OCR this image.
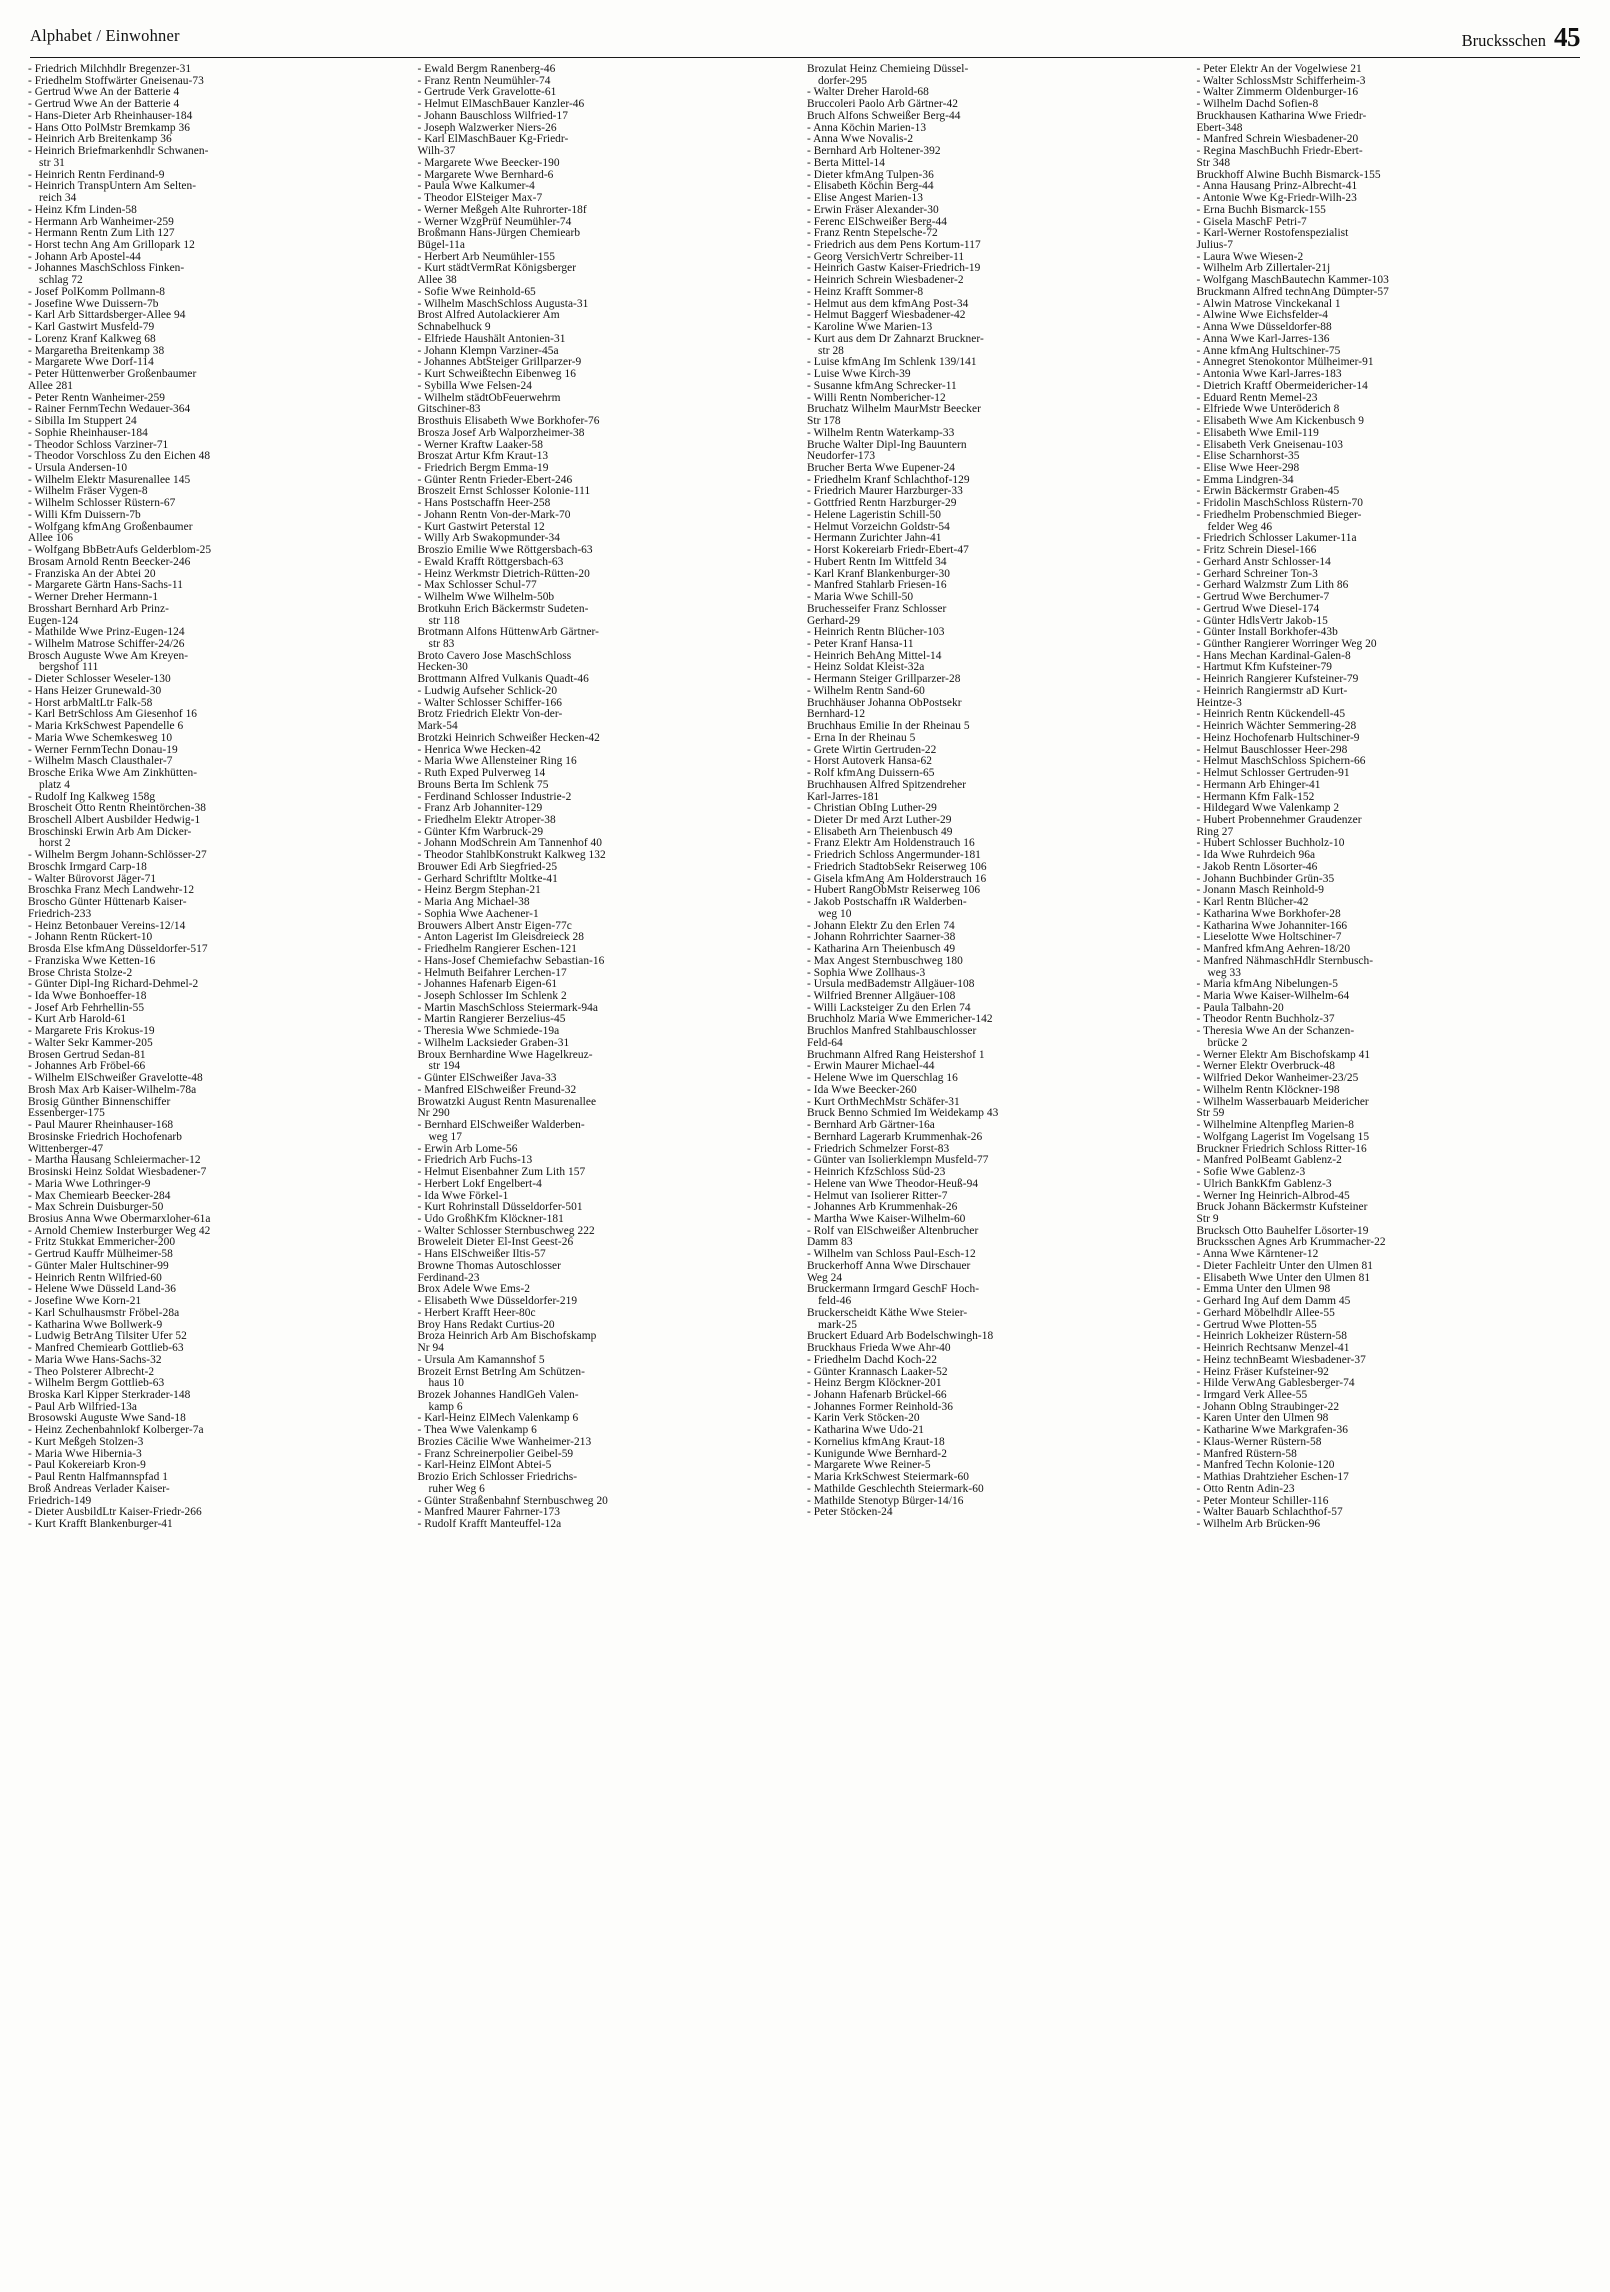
Alphabet / Einwohner	Brucksschen 45
- Friedrich Milchhdlr Bregenzer-31
- Friedhelm Stoffwärter Gneisenau-73
- Gertrud Wwe An der Batterie 4
- Gertrud Wwe An der Batterie 4
- Hans-Dieter Arb Rheinhauser-184
- Hans Otto PolMstr Bremkamp 36
- Heinrich Arb Breitenkamp 36
- Heinrich Briefmarkenhdlr Schwanen-
str 31
- Heinrich Rentn Ferdinand-9
- Heinrich TranspUntern Am Selten-
reich 34
- Heinz Kfm Linden-58
- Hermann Arb Wanheimer-259
- Hermann Rentn Zum Lith 127
- Horst techn Ang Am Grillopark 12
- Johann Arb Apostel-44
- Johannes MaschSchloss Finken-
schlag 72
- Josef PolKomm Pollmann-8
- Josefine Wwe Duissern-7b
- Karl Arb Sittardsberger-Allee 94
- Karl Gastwirt Musfeld-79
- Lorenz Kranf Kalkweg 68
- Margaretha Breitenkamp 38
- Margarete Wwe Dorf-114
- Peter Hüttenwerber Großenbaumer
Allee 281
- Peter Rentn Wanheimer-259
- Rainer FernmTechn Wedauer-364
- Sibilla Im Stuppert 24
- Sophie Rheinhauser-184
- Theodor Schloss Varziner-71
- Theodor Vorschloss Zu den Eichen 48
- Ursula Andersen-10
- Wilhelm Elektr Masurenallee 145
- Wilhelm Fräser Vygen-8
- Wilhelm Schlosser Rüstern-67
- Willi Kfm Duissern-7b
- Wolfgang kfmAng Großenbaumer
Allee 106
- Wolfgang BbBetrAufs Gelderblom-25
Brosam Arnold Rentn Beecker-246
- Franziska An der Abtei 20
- Margarete Gärtn Hans-Sachs-11
- Werner Dreher Hermann-1
Brosshart Bernhard Arb Prinz-
Eugen-124
- Mathilde Wwe Prinz-Eugen-124
- Wilhelm Matrose Schiffer-24/26
Brosch Auguste Wwe Am Kreyen-
bergshof 111
- Dieter Schlosser Weseler-130
- Hans Heizer Grunewald-30
- Horst arbMaltLtr Falk-58
- Karl BetrSchloss Am Giesenhof 16
- Maria KrkSchwest Papendelle 6
- Maria Wwe Schemkesweg 10
- Werner FernmTechn Donau-19
- Wilhelm Masch Clausthaler-7
Brosche Erika Wwe Am Zinkhütten-
platz 4
- Rudolf Ing Kalkweg 158g
Broscheit Otto Rentn Rheintörchen-38
Broschell Albert Ausbilder Hedwig-1
Broschinski Erwin Arb Am Dicker-
horst 2
- Wilhelm Bergm Johann-Schlösser-27
Broschk Irmgard Carp-18
- Walter Bürovorst Jäger-71
Broschka Franz Mech Landwehr-12
Broscho Günter Hüttenarb Kaiser-
Friedrich-233
- Heinz Betonbauer Vereins-12/14
- Johann Rentn Rückert-10
Brosda Else kfmAng Düsseldorfer-517
- Franziska Wwe Ketten-16
Brose Christa Stolze-2
- Günter Dipl-Ing Richard-Dehmel-2
- Ida Wwe Bonhoeffer-18
- Josef Arb Fehrhellin-55
- Kurt Arb Harold-61
- Margarete Fris Krokus-19
- Walter Sekr Kammer-205
Brosen Gertrud Sedan-81
- Johannes Arb Fröbel-66
- Wilhelm ElSchweißer Gravelotte-48
Brosh Max Arb Kaiser-Wilhelm-78a
Brosig Günther Binnenschiffer
Essenberger-175
- Paul Maurer Rheinhauser-168
Brosinske Friedrich Hochofenarb
Wittenberger-47
- Martha Hausang Schleiermacher-12
Brosinski Heinz Soldat Wiesbadener-7
- Maria Wwe Lothringer-9
- Max Chemiearb Beecker-284
- Max Schrein Duisburger-50
Brosius Anna Wwe Obermarxloher-61a
- Arnold Chemiew Insterburger Weg 42
- Fritz Stukkat Emmericher-200
- Gertrud Kauffr Mülheimer-58
- Günter Maler Hultschiner-99
- Heinrich Rentn Wilfried-60
- Helene Wwe Düsseld Land-36
- Josefine Wwe Korn-21
- Karl Schulhausmstr Fröbel-28a
- Katharina Wwe Bollwerk-9
- Ludwig BetrAng Tilsiter Ufer 52
- Manfred Chemiearb Gottlieb-63
- Maria Wwe Hans-Sachs-32
- Theo Polsterer Albrecht-2
- Wilhelm Bergm Gottlieb-63
Broska Karl Kipper Sterkrader-148
- Paul Arb Wilfried-13a
Brosowski Auguste Wwe Sand-18
- Heinz Zechenbahnlokf Kolberger-7a
- Kurt Meßgeh Stolzen-3
- Maria Wwe Hibernia-3
- Paul Kokereiarb Kron-9
- Paul Rentn Halfmannspfad 1
Broß Andreas Verlader Kaiser-
Friedrich-149
- Dieter AusbildLtr Kaiser-Friedr-266
- Kurt Krafft Blankenburger-41
- Ewald Bergm Ranenberg-46
- Franz Rentn Neumühler-74
- Gertrude Verk Gravelotte-61
- Helmut ElMaschBauer Kanzler-46
- Johann Bauschloss Wilfried-17
- Joseph Walzwerker Niers-26
- Karl ElMaschBauer Kg-Friedr-
Wilh-37
- Margarete Wwe Beecker-190
- Margarete Wwe Bernhard-6
- Paula Wwe Kalkumer-4
- Theodor ElSteiger Max-7
- Werner Meßgeh Alte Ruhrorter-18f
- Werner WzgPrüf Neumühler-74
Broßmann Hans-Jürgen Chemiearb
Bügel-11a
- Herbert Arb Neumühler-155
- Kurt städtVermRat Königsberger
Allee 38
- Sofie Wwe Reinhold-65
- Wilhelm MaschSchloss Augusta-31
Brost Alfred Autolackierer Am
Schnabelhuck 9
- Elfriede Haushält Antonien-31
- Johann Klempn Varziner-45a
- Johannes AbtSteiger Grillparzer-9
- Kurt Schweißtechn Eibenweg 16
- Sybilla Wwe Felsen-24
- Wilhelm städtObFeuerwehrm
Gitschiner-83
Brosthuis Elisabeth Wwe Borkhofer-76
Brosza Josef Arb Walporzheimer-38
- Werner Kraftw Laaker-58
Broszat Artur Kfm Kraut-13
- Friedrich Bergm Emma-19
- Günter Rentn Frieder-Ebert-246
Broszeit Ernst Schlosser Kolonie-111
- Hans Postschaffn Heer-258
- Johann Rentn Von-der-Mark-70
- Kurt Gastwirt Peterstal 12
- Willy Arb Swakopmunder-34
Broszio Emilie Wwe Röttgersbach-63
- Ewald Krafft Röttgersbach-63
- Heinz Werkmstr Dietrich-Rütten-20
- Max Schlosser Schul-77
- Wilhelm Wwe Wilhelm-50b
Brotkuhn Erich Bäckermstr Sudeten-
str 118
Brotmann Alfons HüttenwArb Gärtner-
str 83
Broto Cavero Jose MaschSchloss
Hecken-30
Brottmann Alfred Vulkanis Quadt-46
- Ludwig Aufseher Schlick-20
- Walter Schlosser Schiffer-166
Brotz Friedrich Elektr Von-der-
Mark-54
Brotzki Heinrich Schweißer Hecken-42
- Henrica Wwe Hecken-42
- Maria Wwe Allensteiner Ring 16
- Ruth Exped Pulverweg 14
Brouns Berta Im Schlenk 75
- Ferdinand Schlosser Industrie-2
- Franz Arb Johanniter-129
- Friedhelm Elektr Atroper-38
- Günter Kfm Warbruck-29
- Johann ModSchrein Am Tannenhof 40
- Theodor StahlbKonstrukt Kalkweg 132
Brouwer Edi Arb Siegfried-25
- Gerhard Schriftltr Moltke-41
- Heinz Bergm Stephan-21
- Maria Ang Michael-38
- Sophia Wwe Aachener-1
Brouwers Albert Anstr Eigen-77c
- Anton Lagerist Im Gleisdreieck 28
- Friedhelm Rangierer Eschen-121
- Hans-Josef Chemiefachw Sebastian-16
- Helmuth Beifahrer Lerchen-17
- Johannes Hafenarb Eigen-61
- Joseph Schlosser Im Schlenk 2
- Martin MaschSchloss Steiermark-94a
- Martin Rangierer Berzelius-45
- Theresia Wwe Schmiede-19a
- Wilhelm Lacksieder Graben-31
Broux Bernhardine Wwe Hagelkreuz-
str 194
- Günter ElSchweißer Java-33
- Manfred ElSchweißer Freund-32
Browatzki August Rentn Masurenallee
Nr 290
- Bernhard ElSchweißer Walderben-
weg 17
- Erwin Arb Lome-56
- Friedrich Arb Fuchs-13
- Helmut Eisenbahner Zum Lith 157
- Herbert Lokf Engelbert-4
- Ida Wwe Förkel-1
- Kurt Rohrinstall Düsseldorfer-501
- Udo GroßhKfm Klöckner-181
- Walter Schlosser Sternbuschweg 222
Broweleit Dieter El-Inst Geest-26
- Hans ElSchweißer Iltis-57
Browne Thomas Autoschlosser
Ferdinand-23
Brox Adele Wwe Ems-2
- Elisabeth Wwe Düsseldorfer-219
- Herbert Krafft Heer-80c
Broy Hans Redakt Curtius-20
Broza Heinrich Arb Am Bischofskamp
Nr 94
- Ursula Am Kamannshof 5
Brozeit Ernst BetrIng Am Schützen-
haus 10
Brozek Johannes HandlGeh Valen-
kamp 6
- Karl-Heinz ElMech Valenkamp 6
- Thea Wwe Valenkamp 6
Brozies Cäcilie Wwe Wanheimer-213
- Franz Schreinerpolier Geibel-59
- Karl-Heinz ElMont Abtei-5
Brozio Erich Schlosser Friedrichs-
ruher Weg 6
- Günter Straßenbahnf Sternbuschweg 20
- Manfred Maurer Fahrner-173
- Rudolf Krafft Manteuffel-12a
Brozulat Heinz Chemieing Düssel-
dorfer-295
- Walter Dreher Harold-68
Bruccoleri Paolo Arb Gärtner-42
Bruch Alfons Schweißer Berg-44
- Anna Köchin Marien-13
- Anna Wwe Novalis-2
- Bernhard Arb Holtener-392
- Berta Mittel-14
- Dieter kfmAng Tulpen-36
- Elisabeth Köchin Berg-44
- Elise Angest Marien-13
- Erwin Fräser Alexander-30
- Ferenc ElSchweißer Berg-44
- Franz Rentn Stepelsche-72
- Friedrich aus dem Pens Kortum-117
- Georg VersichVertr Schreiber-11
- Heinrich Gastw Kaiser-Friedrich-19
- Heinrich Schrein Wiesbadener-2
- Heinz Krafft Sommer-8
- Helmut aus dem kfmAng Post-34
- Helmut Baggerf Wiesbadener-42
- Karoline Wwe Marien-13
- Kurt aus dem Dr Zahnarzt Bruckner-
str 28
- Luise kfmAng Im Schlenk 139/141
- Luise Wwe Kirch-39
- Susanne kfmAng Schrecker-11
- Willi Rentn Nombericher-12
Bruchatz Wilhelm MaurMstr Beecker
Str 178
- Wilhelm Rentn Waterkamp-33
Bruche Walter Dipl-Ing Bauuntern
Neudorfer-173
Brucher Berta Wwe Eupener-24
- Friedhelm Kranf Schlachthof-129
- Friedrich Maurer Harzburger-33
- Gottfried Rentn Harzburger-29
- Helene Lageristin Schill-50
- Helmut Vorzeichn Goldstr-54
- Hermann Zurichter Jahn-41
- Horst Kokereiarb Friedr-Ebert-47
- Hubert Rentn Im Wittfeld 34
- Karl Kranf Blankenburger-30
- Manfred Stahlarb Friesen-16
- Maria Wwe Schill-50
Bruchesseifer Franz Schlosser
Gerhard-29
- Heinrich Rentn Blücher-103
- Peter Kranf Hansa-11
- Heinrich BehAng Mittel-14
- Heinz Soldat Kleist-32a
- Hermann Steiger Grillparzer-28
- Wilhelm Rentn Sand-60
Bruchhäuser Johanna ObPostsekr
Bernhard-12
Bruchhaus Emilie In der Rheinau 5
- Erna In der Rheinau 5
- Grete Wirtin Gertruden-22
- Horst Autoverk Hansa-62
- Rolf kfmAng Duissern-65
Bruchhausen Alfred Spitzendreher
Karl-Jarres-181
- Christian ObIng Luther-29
- Dieter Dr med Arzt Luther-29
- Elisabeth Arn Theienbusch 49
- Franz Elektr Am Holdenstrauch 16
- Friedrich Schloss Angermunder-181
- Friedrich StadtobSekr Reiserweg 106
- Gisela kfmAng Am Holderstrauch 16
- Hubert RangObMstr Reiserweg 106
- Jakob Postschaffn ıR Walderben-
weg 10
- Johann Elektr Zu den Erlen 74
- Johann Rohrrichter Saarner-38
- Katharina Arn Theienbusch 49
- Max Angest Sternbuschweg 180
- Sophia Wwe Zollhaus-3
- Ursula medBademstr Allgäuer-108
- Wilfried Brenner Allgäuer-108
- Willi Lacksteiger Zu den Erlen 74
Bruchholz Maria Wwe Emmericher-142
Bruchlos Manfred Stahlbauschlosser
Feld-64
Bruchmann Alfred Rang Heistershof 1
- Erwin Maurer Michael-44
- Helene Wwe im Querschlag 16
- Ida Wwe Beecker-260
- Kurt OrthMechMstr Schäfer-31
Bruck Benno Schmied Im Weidekamp 43
- Bernhard Arb Gärtner-16a
- Bernhard Lagerarb Krummenhak-26
- Friedrich Schmelzer Forst-83
- Günter van Isolierklempn Musfeld-77
- Heinrich KfzSchloss Süd-23
- Helene van Wwe Theodor-Heuß-94
- Helmut van Isolierer Ritter-7
- Johannes Arb Krummenhak-26
- Martha Wwe Kaiser-Wilhelm-60
- Rolf van ElSchweißer Altenbrucher
Damm 83
- Wilhelm van Schloss Paul-Esch-12
Bruckerhoff Anna Wwe Dirschauer
Weg 24
Bruckermann Irmgard GeschF Hoch-
feld-46
Bruckerscheidt Käthe Wwe Steier-
mark-25
Bruckert Eduard Arb Bodelschwingh-18
Bruckhaus Frieda Wwe Ahr-40
- Friedhelm Dachd Koch-22
- Günter Krannasch Laaker-52
- Heinz Bergm Klöckner-201
- Johann Hafenarb Brückel-66
- Johannes Former Reinhold-36
- Karin Verk Stöcken-20
- Katharina Wwe Udo-21
- Kornelius kfmAng Kraut-18
- Kunigunde Wwe Bernhard-2
- Margarete Wwe Reiner-5
- Maria KrkSchwest Steiermark-60
- Mathilde Geschlechth Steiermark-60
- Mathilde Stenotyp Bürger-14/16
- Peter Stöcken-24
- Peter Elektr An der Vogelwiese 21
- Walter SchlossMstr Schifferheim-3
- Walter Zimmerm Oldenburger-16
- Wilhelm Dachd Sofien-8
Bruckhausen Katharina Wwe Friedr-
Ebert-348
- Manfred Schrein Wiesbadener-20
- Regina MaschBuchh Friedr-Ebert-
Str 348
Bruckhoff Alwine Buchh Bismarck-155
- Anna Hausang Prinz-Albrecht-41
- Antonie Wwe Kg-Friedr-Wilh-23
- Erna Buchh Bismarck-155
- Gisela MaschF Petri-7
- Karl-Werner Rostofenspezialist
Julius-7
- Laura Wwe Wiesen-2
- Wilhelm Arb Zillertaler-21j
- Wolfgang MaschBautechn Kammer-103
Bruckmann Alfred technAng Dümpter-57
- Alwin Matrose Vinckekanal 1
- Alwine Wwe Eichsfelder-4
- Anna Wwe Düsseldorfer-88
- Anna Wwe Karl-Jarres-136
- Anne kfmAng Hultschiner-75
- Annegret Stenokontor Mülheimer-91
- Antonia Wwe Karl-Jarres-183
- Dietrich Kraftf Obermeidericher-14
- Eduard Rentn Memel-23
- Elfriede Wwe Unteröderich 8
- Elisabeth Wwe Am Kickenbusch 9
- Elisabeth Wwe Emil-119
- Elisabeth Verk Gneisenau-103
- Elise Scharnhorst-35
- Elise Wwe Heer-298
- Emma Lindgren-34
- Erwin Bäckermstr Graben-45
- Fridolin MaschSchloss Rüstern-70
- Friedhelm Probenschmied Bieger-
felder Weg 46
- Friedrich Schlosser Lakumer-11a
- Fritz Schrein Diesel-166
- Gerhard Anstr Schlosser-14
- Gerhard Schreiner Ton-3
- Gerhard Walzmstr Zum Lith 86
- Gertrud Wwe Berchumer-7
- Gertrud Wwe Diesel-174
- Günter HdlsVertr Jakob-15
- Günter Install Borkhofer-43b
- Günther Rangierer Worringer Weg 20
- Hans Mechan Kardinal-Galen-8
- Hartmut Kfm Kufsteiner-79
- Heinrich Rangierer Kufsteiner-79
- Heinrich Rangiermstr aD Kurt-
Heintze-3
- Heinrich Rentn Kückendell-45
- Heinrich Wächter Semmering-28
- Heinz Hochofenarb Hultschiner-9
- Helmut Bauschlosser Heer-298
- Helmut MaschSchloss Spichern-66
- Helmut Schlosser Gertruden-91
- Hermann Arb Ehinger-41
- Hermann Kfm Falk-152
- Hildegard Wwe Valenkamp 2
- Hubert Probennehmer Graudenzer
Ring 27
- Hubert Schlosser Buchholz-10
- Ida Wwe Ruhrdeich 96a
- Jakob Rentn Lösorter-46
- Johann Buchbinder Grün-35
- Jonann Masch Reinhold-9
- Karl Rentn Blücher-42
- Katharina Wwe Borkhofer-28
- Katharina Wwe Johanniter-166
- Lieselotte Wwe Holtschiner-7
- Manfred kfmAng Aehren-18/20
- Manfred NähmaschHdlr Sternbusch-
weg 33
- Maria kfmAng Nibelungen-5
- Maria Wwe Kaiser-Wilhelm-64
- Paula Talbahn-20
- Theodor Rentn Buchholz-37
- Theresia Wwe An der Schanzen-
brücke 2
- Werner Elektr Am Bischofskamp 41
- Werner Elektr Overbruck-48
- Wilfried Dekor Wanheimer-23/25
- Wilhelm Rentn Klöckner-198
- Wilhelm Wasserbauarb Meidericher
Str 59
- Wilhelmine Altenpfleg Marien-8
- Wolfgang Lagerist Im Vogelsang 15
Bruckner Friedrich Schloss Ritter-16
- Manfred PolBeamt Gablenz-2
- Sofie Wwe Gablenz-3
- Ulrich BankKfm Gablenz-3
- Werner Ing Heinrich-Albrod-45
Bruck Johann Bäckermstr Kufsteiner
Str 9
Brucksch Otto Bauhelfer Lösorter-19
Brucksschen Agnes Arb Krummacher-22
- Anna Wwe Kärntener-12
- Dieter Fachleitr Unter den Ulmen 81
- Elisabeth Wwe Unter den Ulmen 81
- Emma Unter den Ulmen 98
- Gerhard Ing Auf dem Damm 45
- Gerhard Möbelhdlr Allee-55
- Gertrud Wwe Plotten-55
- Heinrich Lokheizer Rüstern-58
- Heinrich Rechtsanw Menzel-41
- Heinz technBeamt Wiesbadener-37
- Heinz Fräser Kufsteiner-92
- Hilde VerwAng Gablesberger-74
- Irmgard Verk Allee-55
- Johann Oblng Straubinger-22
- Karen Unter den Ulmen 98
- Katharine Wwe Markgrafen-36
- Klaus-Werner Rüstern-58
- Manfred Rüstern-58
- Manfred Techn Kolonie-120
- Mathias Drahtzieher Eschen-17
- Otto Rentn Adin-23
- Peter Monteur Schiller-116
- Walter Bauarb Schlachthof-57
- Wilhelm Arb Brücken-96
